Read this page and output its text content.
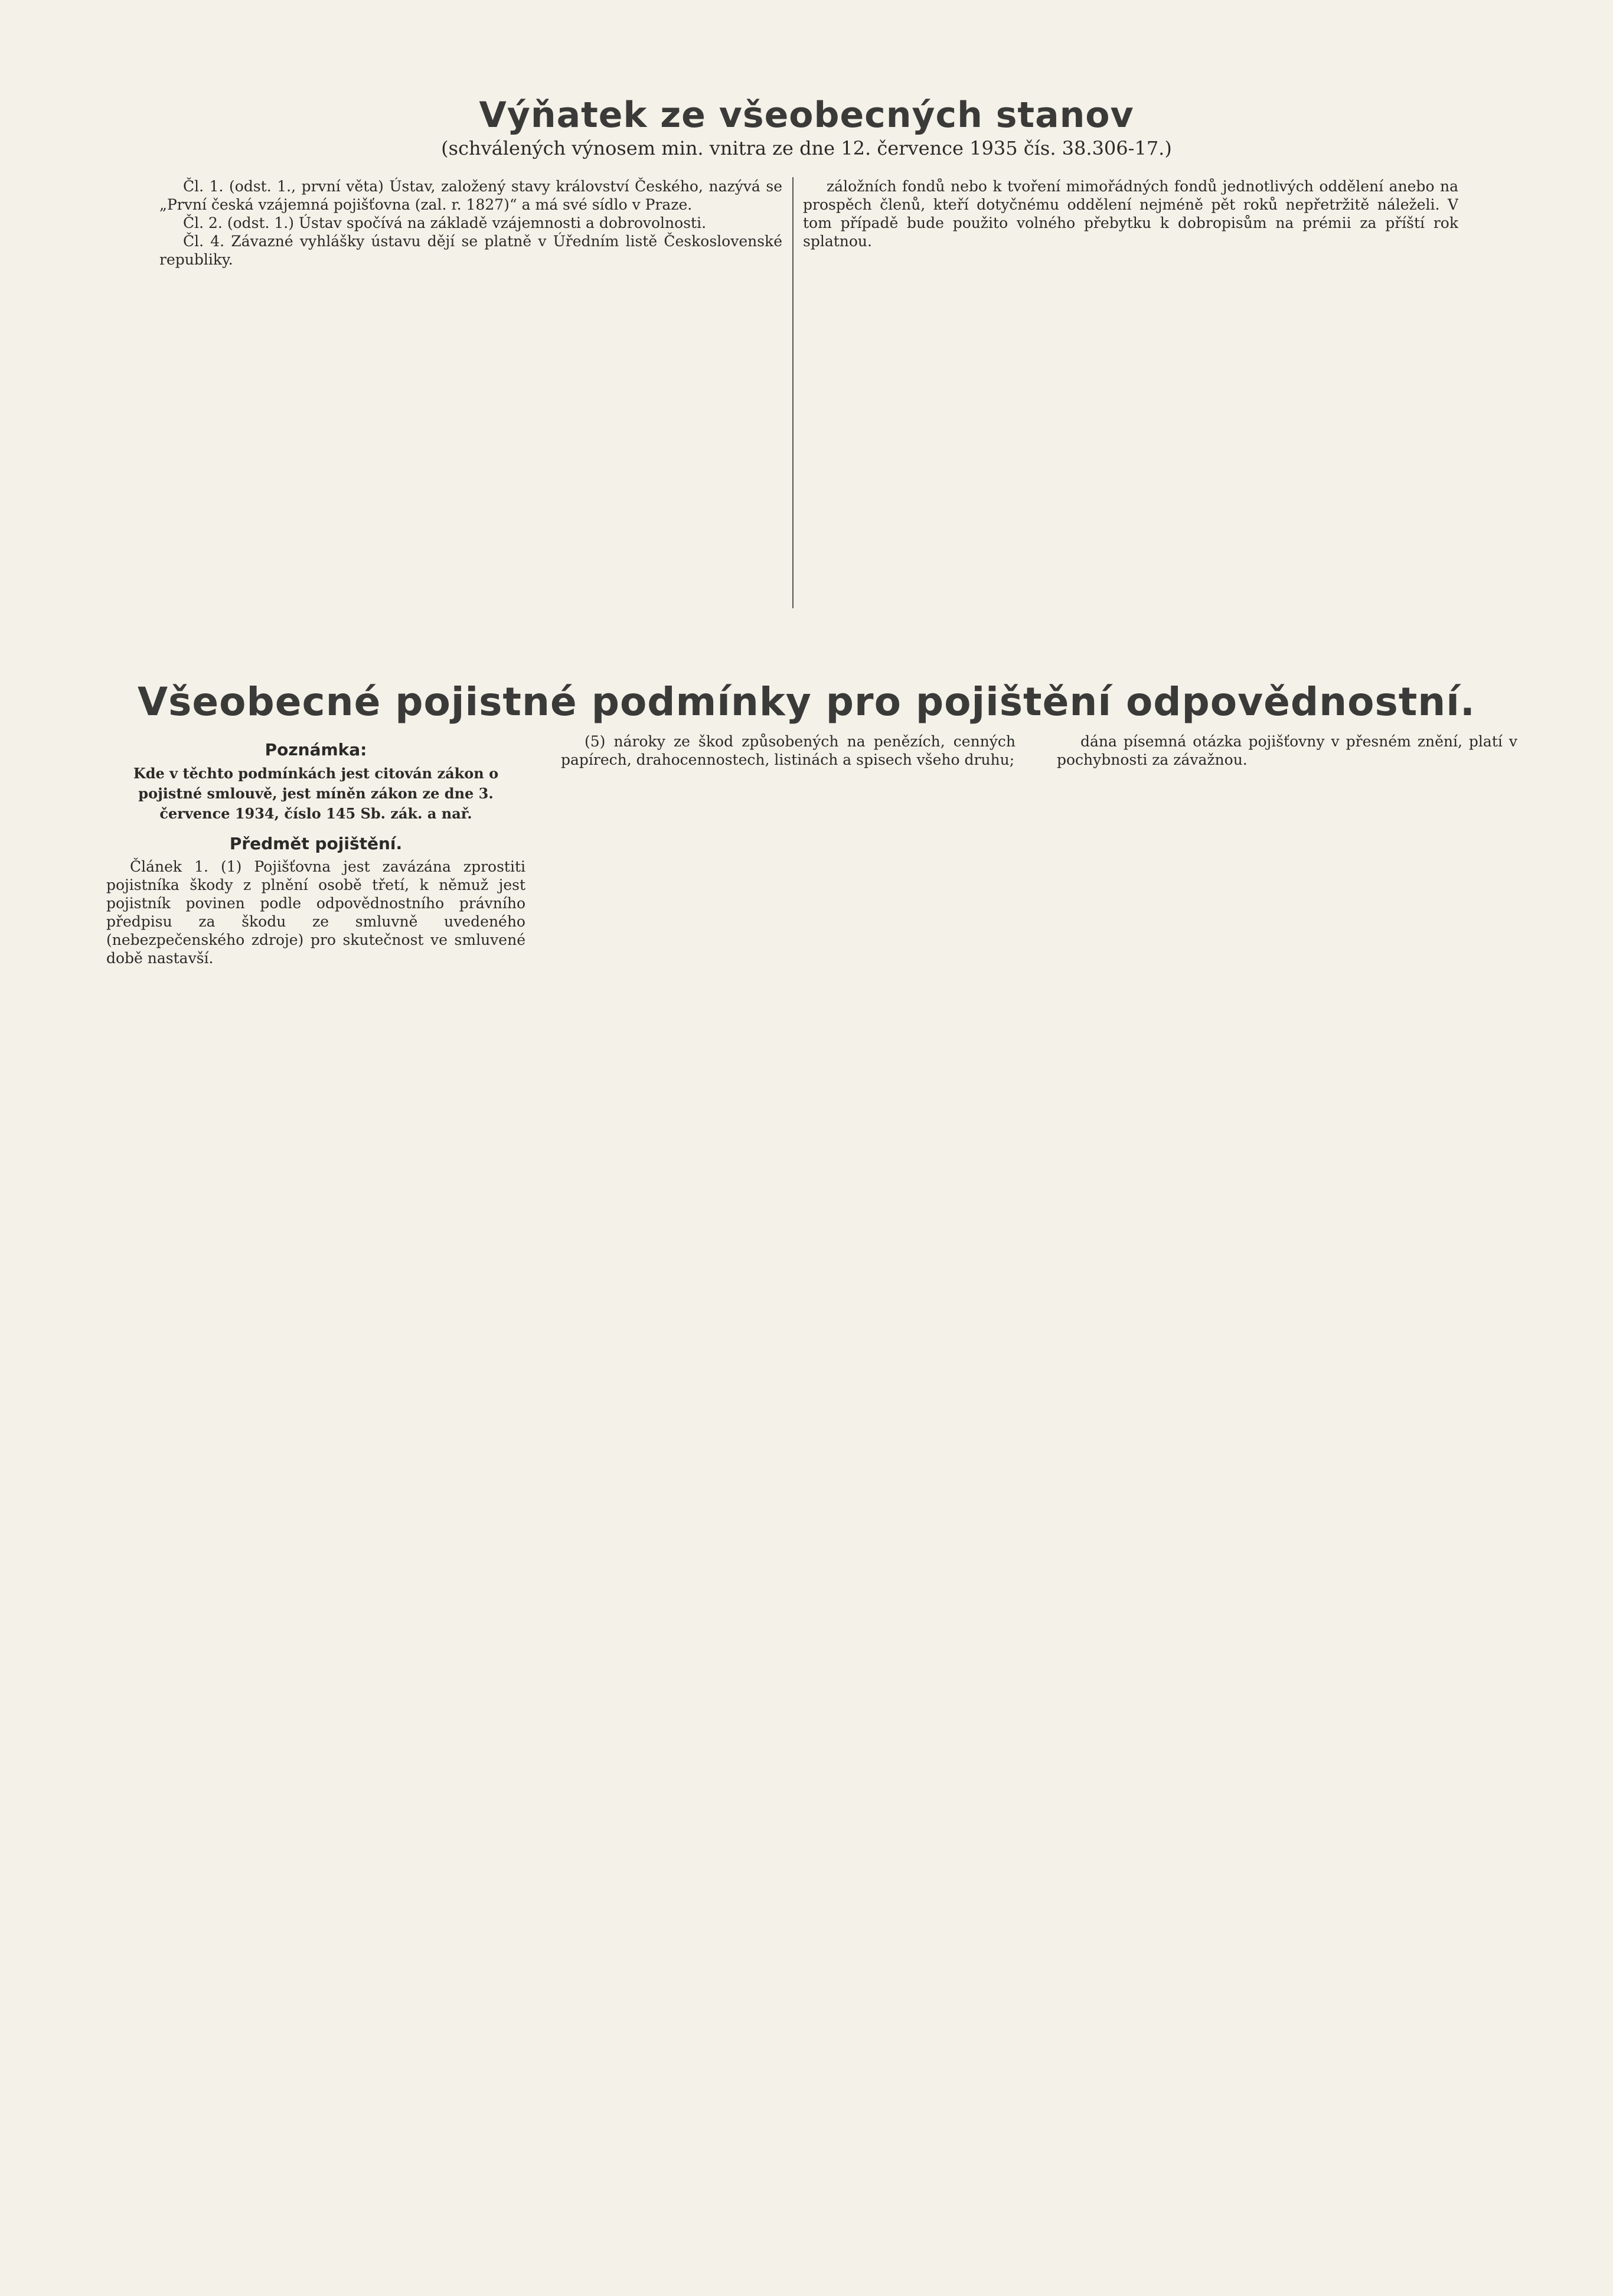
Výňatek ze všeobecných stanov
(schválených výnosem min. vnitra ze dne 12. července 1935 čís. 38.306-17.)

Čl. 1. (odst. 1., první věta) Ústav, založený stavy království Českého, nazývá se „První česká vzájemná pojišťovna (zal. r. 1827)“ a má své sídlo v Praze.

Čl. 2. (odst. 1.) Ústav spočívá na základě vzájemnosti a dobrovolnosti.

Čl. 4. Závazné vyhlášky ústavu dějí se platně v Úředním listě Československé republiky.

záložních fondů nebo k tvoření mimořádných fondů jednotlivých oddělení anebo na prospěch členů, kteří dotyčnému oddělení nejméně pět roků nepřetržitě náleželi. V tom případě bude použito volného přebytku k dobropisům na prémii za příští rok splatnou.

Všeobecné pojistné podmínky pro pojištění odpovědnostní.
Poznámka:
Kde v těchto podmínkách jest citován zákon o pojistné smlouvě, jest míněn zákon ze dne 3. července 1934, číslo 145 Sb. zák. a nař.
Předmět pojištění.

Článek 1. (1) Pojišťovna jest zavázána zprostiti pojistníka škody z plnění osobě třetí, k němuž jest pojistník povinen podle odpovědnostního právního předpisu za škodu ze smluvně uvedeného (nebezpečenského zdroje) pro skutečnost ve smluvené době nastavší.

(5) nároky ze škod způsobených na penězích, cenných papírech, drahocennostech, listinách a spisech všeho druhu;

dána písemná otázka pojišťovny v přesném znění, platí v pochybnosti za závažnou.
